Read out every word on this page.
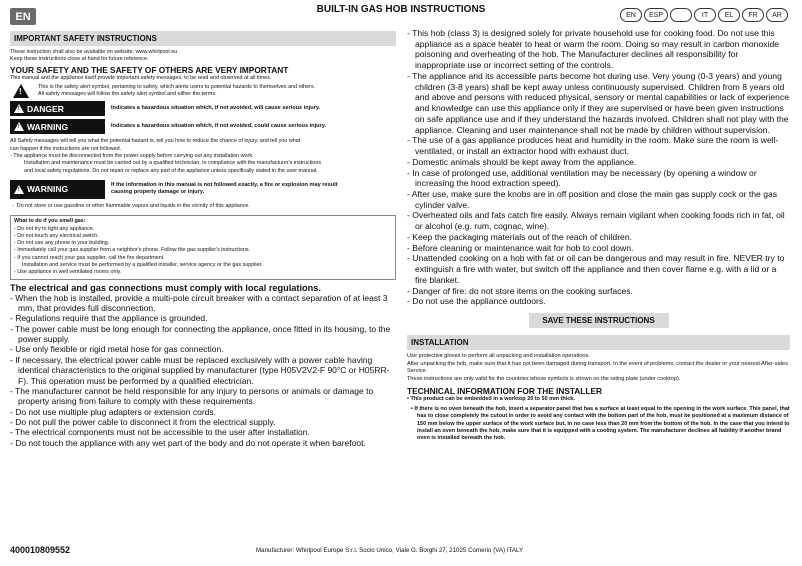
EN
BUILT-IN GAS HOB INSTRUCTIONS	EN	ESP	IT	EL	FR	AR
IMPORTANT SAFETY INSTRUCTIONS
These instruction shall also be available on website: www.whirlpool.eu
Keep these instructions close at hand for future reference.
YOUR SAFETY AND THE SAFETY OF OTHERS ARE VERY IMPORTANT
This manual and the appliance itself provide important safety messages, to be read and observed at all times.
!
This is the safety alert symbol, pertaining to safety, which alerts users to potential hazards to themselves and others.
All safety messages will follow the safety alert symbol and either the terms:
! DANGER	Indicates a hazardous situation which, if not avoided, will cause serious injury.
! WARNING	Indicates a hazardous situation which, if not avoided, could cause serious injury.
All Safety messages will tell you what the potential hazard is, tell you how to reduce the chance of injury, and tell you what
can happen if the instructions are not followed.
- The appliance must be disconnected from the power supply before carrying out any installation work.
Installation and maintenance must be carried out by a qualified technician, in compliance with the manufacturer's instructions
and local safety regulations. Do not repair or replace any part of the appliance unless specifically stated in the user manual.
! WARNING	If the information in this manual is not followed exactly, a fire or explosion may result
causing property damage or injury.
-  Do not store or use gasoline or other flammable vapors and liquids in the vicinity of this appliance.
What to do if you smell gas:
- Do not try to light any appliance.
- Do not touch any electrical switch.
- Do not use any phone in your building.
- Immediately call your gas supplier from a neighbor's phone. Follow the gas supplier's instructions.
- If you cannot reach your gas supplier, call the fire department.
Installation and service must be performed by a qualified installer, service agency or the gas supplier.
- Use appliance in well ventilated rooms only.
The electrical and gas connections must comply with local regulations.
- When the hob is installed, provide a multi-pole circuit breaker with a contact separation of at least 3 mm, that provides full disconnection.
- Regulations require that the appliance is grounded.
- The power cable must be long enough for connecting the appliance, once fitted in its housing, to the power supply.
- Use only flexible or rigid metal hose for gas connection.
- If necessary, the electrical power cable must be replaced exclusively with a power cable having identical characteristics to the original supplied by manufacturer (type H05V2V2-F 90°C or H05RR-F). This operation must be performed by a qualified electrician.
- The manufacturer cannot be held responsible for any injury to persons or animals or damage to property arising from failure to comply with these requirements.
- Do not use multiple plug adapters or extension cords.
- Do not pull the power cable to disconnect it from the electrical supply.
- The electrical components must not be accessible to the user after installation.
- Do not touch the appliance with any wet part of the body and do not operate it when barefoot.
- This hob (class 3) is designed solely for private household use for cooking food. Do not use this appliance as a space heater to heat or warm the room. Doing so may result in carbon monoxide poisoning and overheating of the hob. The Manufacturer declines all responsibility for inappropriate use or incorrect setting of the controls.
- The appliance and its accessible parts become hot during use. Very young (0-3 years) and young children (3-8 years) shall be kept away unless continuously supervised. Children from 8 years old and above and persons with reduced physical, sensory or mental capabilities or lack of experience and knowledge can use this appliance only if they are supervised or have been given instructions on safe appliance use and if they understand the hazards involved. Children shall not play with the appliance. Cleaning and user maintenance shall not be made by children without supervision.
- The use of a gas appliance produces heat and humidity in the room. Make sure the room is well-ventilated, or install an extractor hood with exhaust duct.
- Domestic animals should be kept away from the appliance.
- In case of prolonged use, additional ventilation may be necessary (by opening a window or increasing the hood extraction speed).
- After use, make sure the knobs are in off position and close the main gas supply cock or the gas cylinder valve.
- Overheated oils and fats catch fire easily. Always remain vigilant when cooking foods rich in fat, oil or alcohol (e.g. rum, cognac, wine).
- Keep the packaging materials out of the reach of children.
- Before cleaning or maintenance wait for hob to cool down.
- Unattended cooking on a hob with fat or oil can be dangerous and may result in fire. NEVER try to extinguish a fire with water, but switch off the appliance and then cover flame e.g. with a lid or a fire blanket.
- Danger of fire: do not store items on the cooking surfaces.
- Do not use the appliance outdoors.
SAVE THESE INSTRUCTIONS
INSTALLATION
Use protective gloves to perform all unpacking and installation operations.
After unpacking the hob, make sure that it has not been damaged during transport. In the event of problems, contact the dealer or your nearest After-sales Service.
These instructions are only valid for the countries whose symbols is shown on the rating plate (under cooktop).
TECHNICAL INFORMATION FOR THE INSTALLER
• This product can be embedded in a worktop 20 to 50 mm thick.
• If there is no oven beneath the hob, insert a separator panel that has a surface at least equal to the opening in the work surface. This panel, that has to close completely the cutout in order to avoid any contact with the bottom part of the hob, must be positioned at a maximum distance of 150 mm below the upper surface of the work surface but, in no case less than 20 mm from the bottom of the hob. In the case that you intend to install an oven beneath the hob, make sure that it is equipped with a cooling system. The manufacturer declines all liability if another brand oven is installed beneath the hob.
400010809552	Manufacturer: Whirlpool Europe S.r.l. Socio Unico, Viale G. Borghi 27, 21025 Comerio (VA) ITALY
